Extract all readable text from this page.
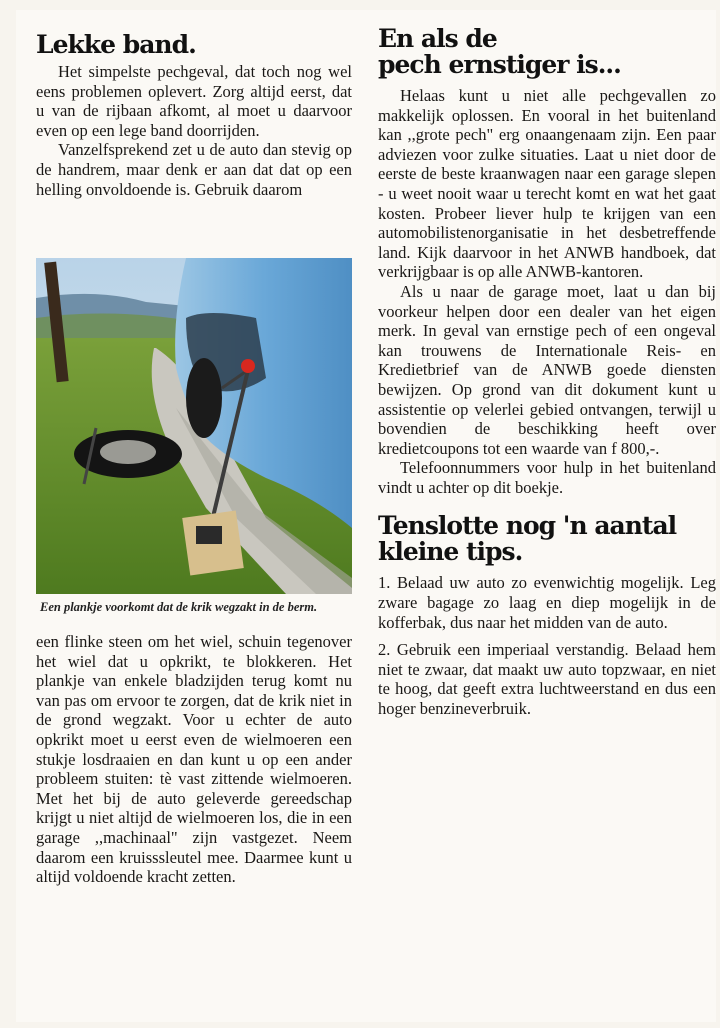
Lekke band.

Het simpelste pechgeval, dat toch nog wel eens problemen oplevert. Zorg altijd eerst, dat u van de rijbaan afkomt, al moet u daarvoor even op een lege band doorrijden.

Vanzelfsprekend zet u de auto dan stevig op de handrem, maar denk er aan dat dat op een helling onvoldoende is. Gebruik daarom

Een plankje voorkomt dat de krik wegzakt in de berm.

een flinke steen om het wiel, schuin tegenover het wiel dat u opkrikt, te blokkeren. Het plankje van enkele bladzijden terug komt nu van pas om ervoor te zorgen, dat de krik niet in de grond wegzakt. Voor u echter de auto opkrikt moet u eerst even de wielmoeren een stukje losdraaien en dan kunt u op een ander probleem stuiten: tè vast zittende wielmoeren. Met het bij de auto geleverde gereedschap krijgt u niet altijd de wielmoeren los, die in een garage ,,machinaal" zijn vastgezet. Neem daarom een kruisssleutel mee. Daarmee kunt u altijd voldoende kracht zetten.

En als de
pech ernstiger is...

Helaas kunt u niet alle pechgevallen zo makkelijk oplossen. En vooral in het buitenland kan ,,grote pech" erg onaangenaam zijn. Een paar adviezen voor zulke situaties. Laat u niet door de eerste de beste kraanwagen naar een garage slepen - u weet nooit waar u terecht komt en wat het gaat kosten. Probeer liever hulp te krijgen van een automobilistenorganisatie in het desbetreffende land. Kijk daarvoor in het ANWB handboek, dat verkrijgbaar is op alle ANWB-kantoren.

Als u naar de garage moet, laat u dan bij voorkeur helpen door een dealer van het eigen merk. In geval van ernstige pech of een ongeval kan trouwens de Internationale Reis- en Kredietbrief van de ANWB goede diensten bewijzen. Op grond van dit dokument kunt u assistentie op velerlei gebied ontvangen, terwijl u bovendien de beschikking heeft over kredietcoupons tot een waarde van f 800,-.

Telefoonnummers voor hulp in het buitenland vindt u achter op dit boekje.

Tenslotte nog 'n aantal
kleine tips.

1. Belaad uw auto zo evenwichtig mogelijk. Leg zware bagage zo laag en diep mogelijk in de kofferbak, dus naar het midden van de auto.

2. Gebruik een imperiaal verstandig. Belaad hem niet te zwaar, dat maakt uw auto topzwaar, en niet te hoog, dat geeft extra luchtweerstand en dus een hoger benzineverbruik.
